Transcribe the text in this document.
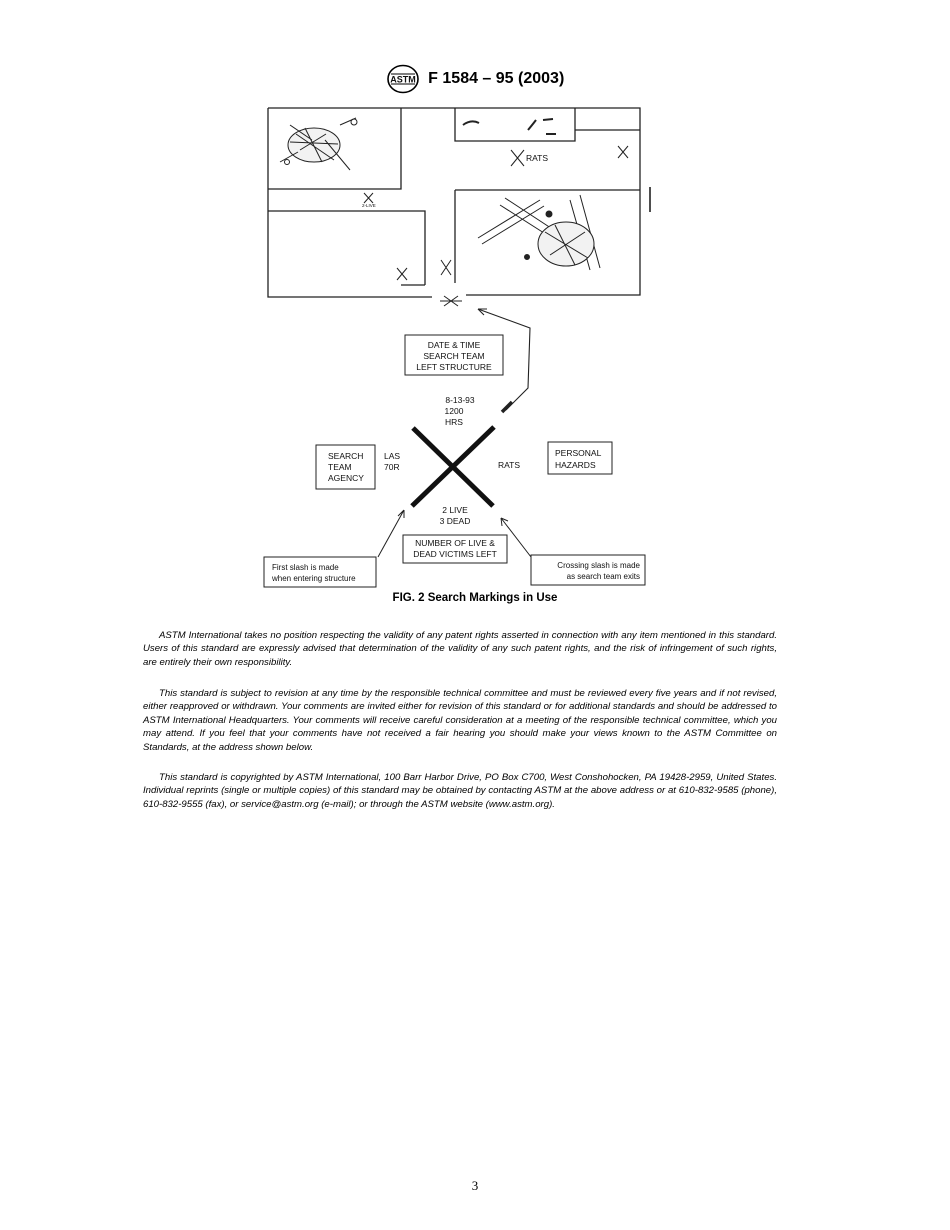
ASTM F 1584 – 95 (2003)
RATS
2-LIVE
DATE & TIME
SEARCH TEAM
LEFT STRUCTURE
SEARCH
TEAM
AGENCY
PERSONAL
HAZARDS
NUMBER OF LIVE &
DEAD VICTIMS LEFT
First slash is made
when entering structure
Crossing slash is made
as search team exits
8-13-93
1200
HRS
LAS
70R	RATS
2 LIVE
3 DEAD
FIG. 2 Search Markings in Use

ASTM International takes no position respecting the validity of any patent rights asserted in connection with any item mentioned in this standard. Users of this standard are expressly advised that determination of the validity of any such patent rights, and the risk of infringement of such rights, are entirely their own responsibility.

This standard is subject to revision at any time by the responsible technical committee and must be reviewed every five years and if not revised, either reapproved or withdrawn. Your comments are invited either for revision of this standard or for additional standards and should be addressed to ASTM International Headquarters. Your comments will receive careful consideration at a meeting of the responsible technical committee, which you may attend. If you feel that your comments have not received a fair hearing you should make your views known to the ASTM Committee on Standards, at the address shown below.

This standard is copyrighted by ASTM International, 100 Barr Harbor Drive, PO Box C700, West Conshohocken, PA 19428-2959, United States. Individual reprints (single or multiple copies) of this standard may be obtained by contacting ASTM at the above address or at 610-832-9585 (phone), 610-832-9555 (fax), or service@astm.org (e-mail); or through the ASTM website (www.astm.org).

3
